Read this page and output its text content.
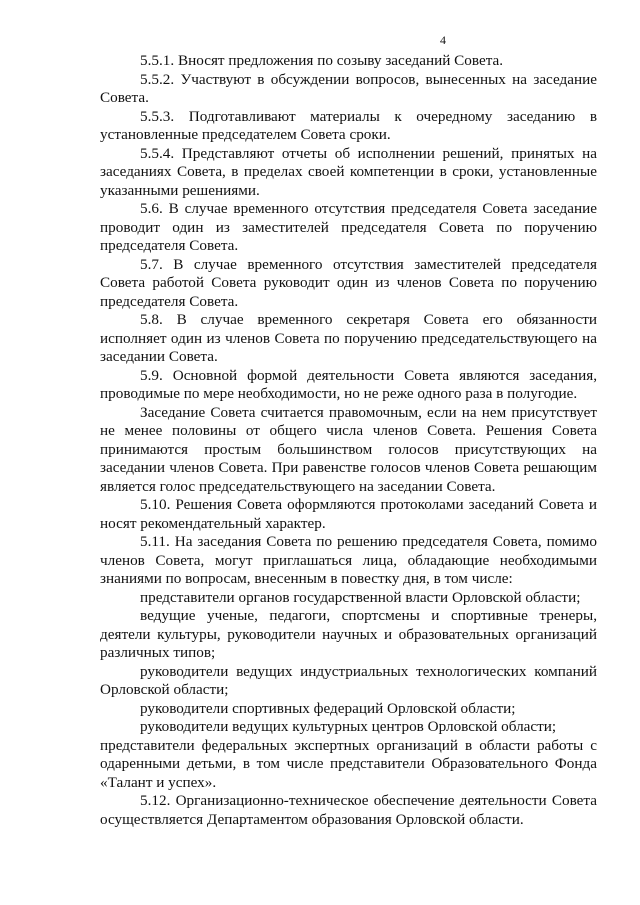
4

5.5.1. Вносят предложения по созыву заседаний Совета.

5.5.2. Участвуют в обсуждении вопросов, вынесенных на заседание Совета.

5.5.3. Подготавливают материалы к очередному заседанию в установленные председателем Совета сроки.

5.5.4. Представляют отчеты об исполнении решений, принятых на заседаниях Совета, в пределах своей компетенции в сроки, установленные указанными решениями.

5.6. В случае временного отсутствия председателя Совета заседание проводит один из заместителей председателя Совета по поручению председателя Совета.

5.7. В случае временного отсутствия заместителей председателя Совета работой Совета руководит один из членов Совета по поручению председателя Совета.

5.8. В случае временного секретаря Совета его обязанности исполняет один из членов Совета по поручению председательствующего на заседании Совета.

5.9. Основной формой деятельности Совета являются заседания, проводимые по мере необходимости, но не реже одного раза в полугодие.

Заседание Совета считается правомочным, если на нем присутствует не менее половины от общего числа членов Совета. Решения Совета принимаются простым большинством голосов присутствующих на заседании членов Совета. При равенстве голосов членов Совета решающим является голос председательствующего на заседании Совета.

5.10. Решения Совета оформляются протоколами заседаний Совета и носят рекомендательный характер.

5.11. На заседания Совета по решению председателя Совета, помимо членов Совета, могут приглашаться лица, обладающие необходимыми знаниями по вопросам, внесенным в повестку дня, в том числе:

представители органов государственной власти Орловской области;

ведущие ученые, педагоги, спортсмены и спортивные тренеры, деятели культуры, руководители научных и образовательных организаций различных типов;

руководители ведущих индустриальных технологических компаний Орловской области;

руководители спортивных федераций Орловской области;

руководители ведущих культурных центров Орловской области;

представители федеральных экспертных организаций в области работы с одаренными детьми, в том числе представители Образовательного Фонда «Талант и успех».

5.12. Организационно-техническое обеспечение деятельности Совета осуществляется Департаментом образования Орловской области.
